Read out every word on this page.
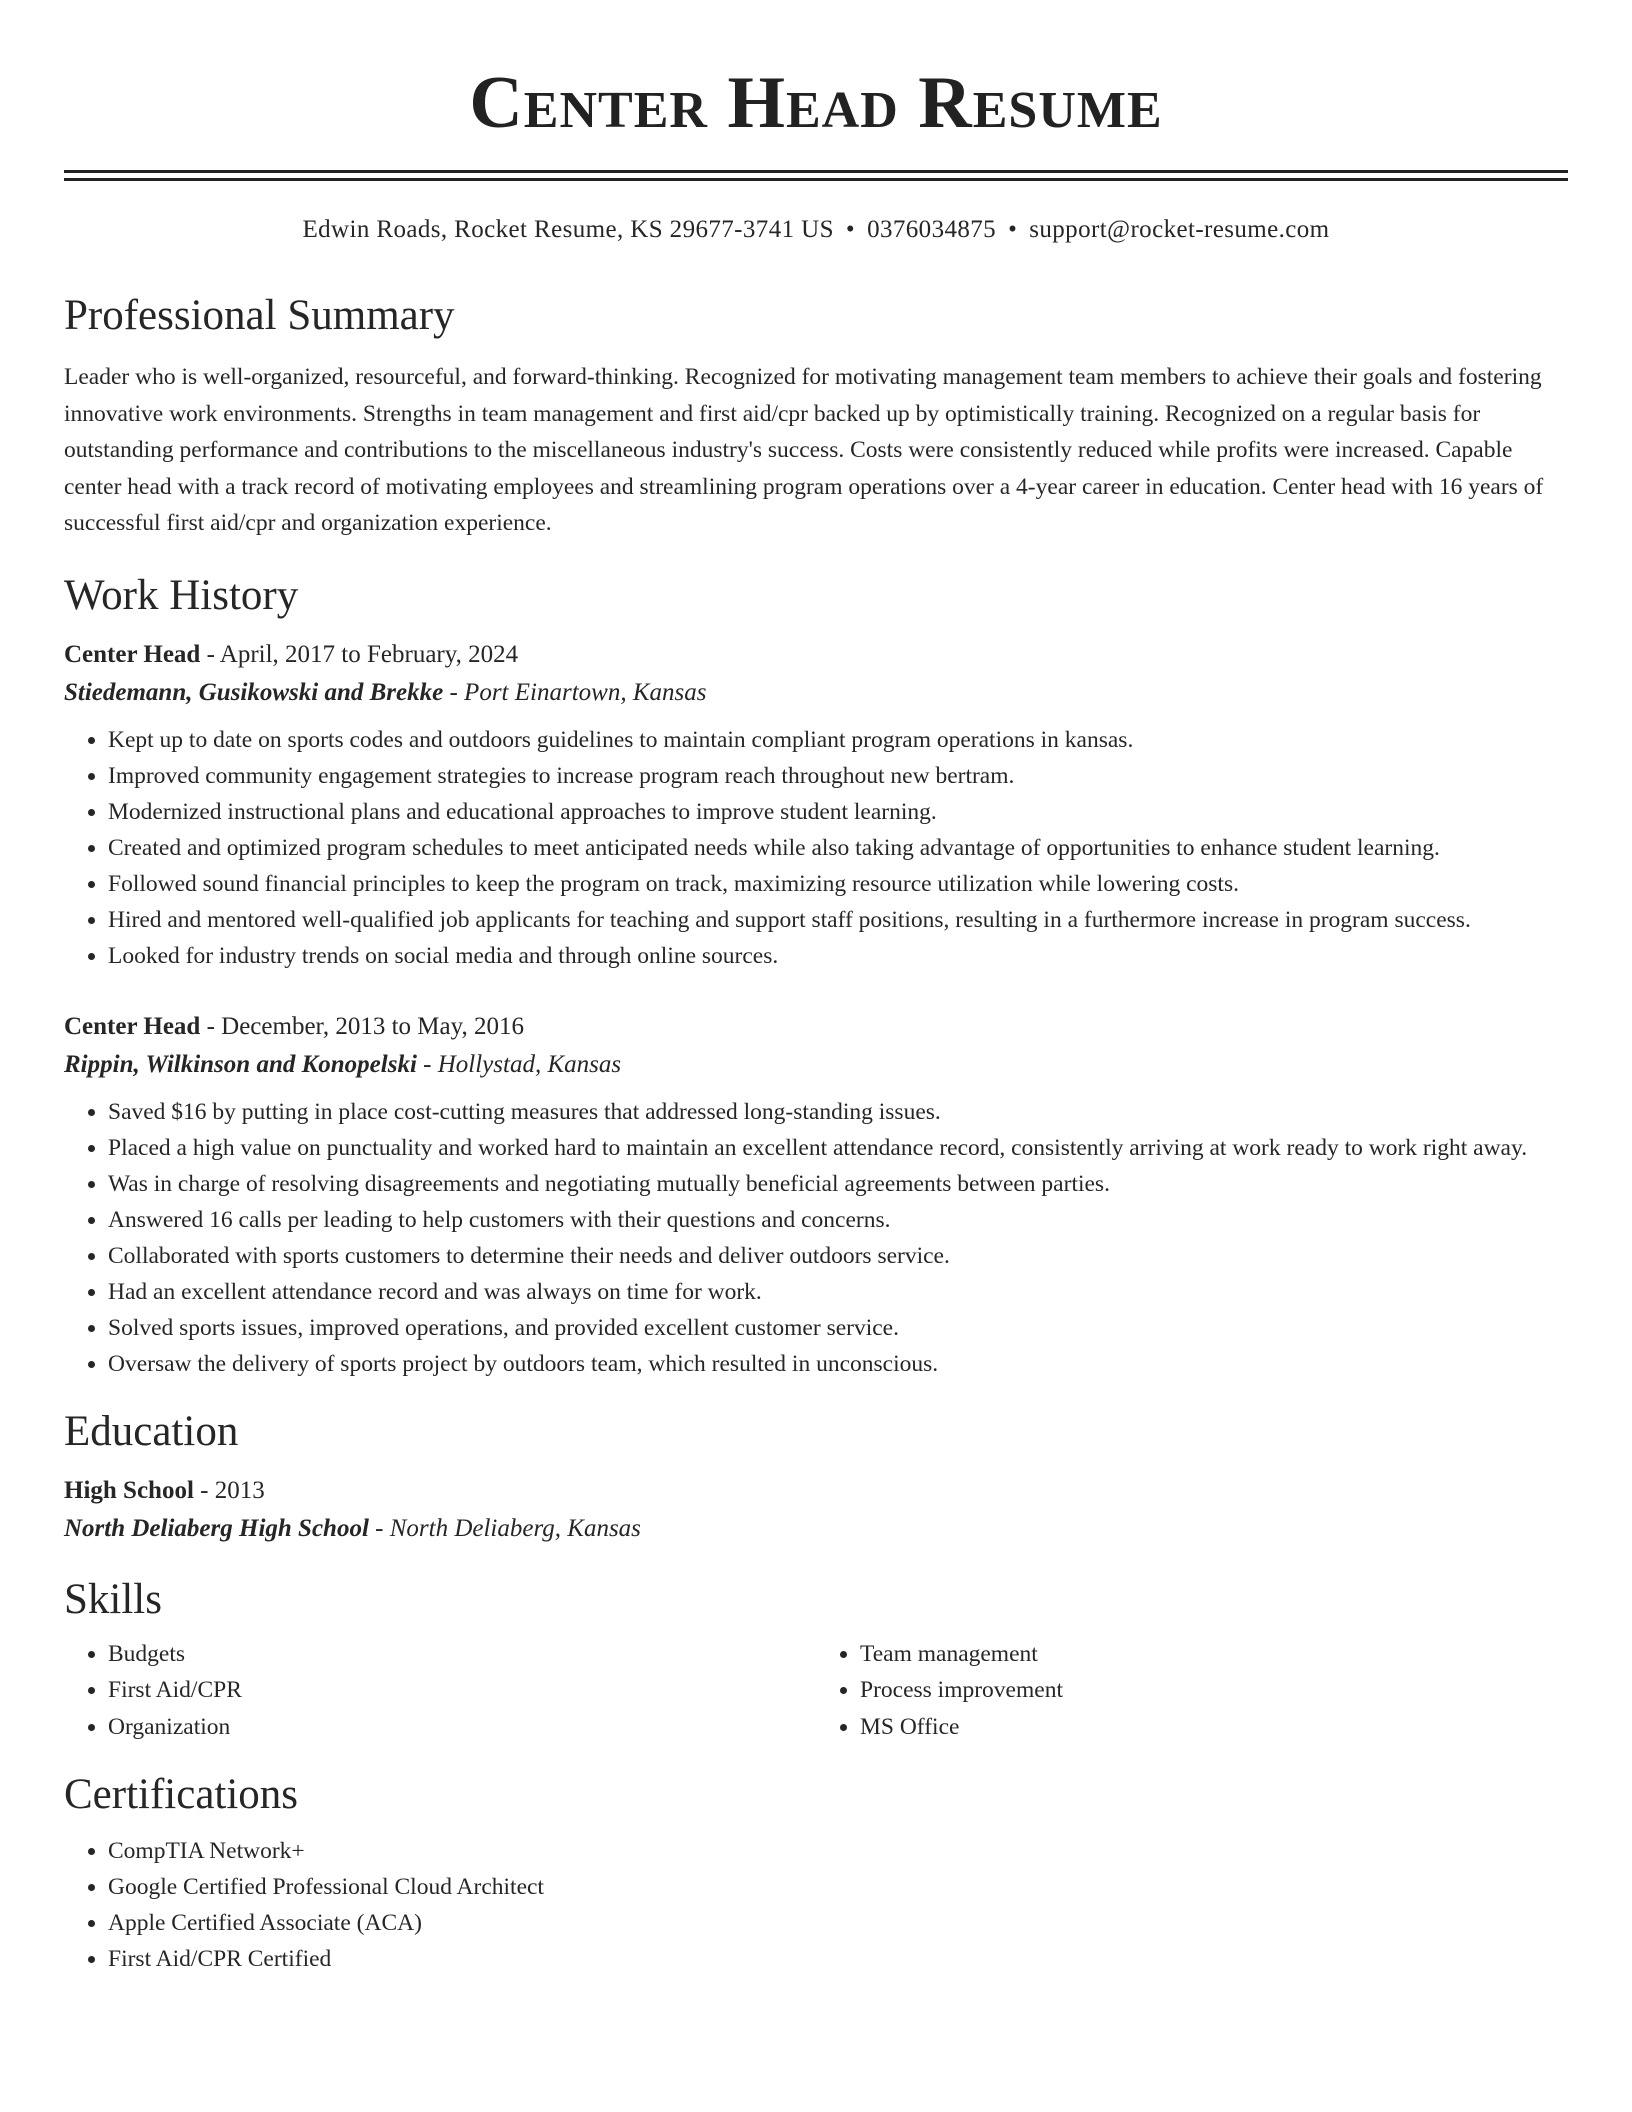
Center Head Resume
Edwin Roads, Rocket Resume, KS 29677-3741 US • 0376034875 • support@rocket-resume.com
Professional Summary

Leader who is well-organized, resourceful, and forward-thinking. Recognized for motivating management team members to achieve their goals and fostering innovative work environments. Strengths in team management and first aid/cpr backed up by optimistically training. Recognized on a regular basis for outstanding performance and contributions to the miscellaneous industry's success. Costs were consistently reduced while profits were increased. Capable center head with a track record of motivating employees and streamlining program operations over a 4-year career in education. Center head with 16 years of successful first aid/cpr and organization experience.

Work History
Center Head - April, 2017 to February, 2024
Stiedemann, Gusikowski and Brekke - Port Einartown, Kansas
• Kept up to date on sports codes and outdoors guidelines to maintain compliant program operations in kansas.
• Improved community engagement strategies to increase program reach throughout new bertram.
• Modernized instructional plans and educational approaches to improve student learning.
• Created and optimized program schedules to meet anticipated needs while also taking advantage of opportunities to enhance student learning.
• Followed sound financial principles to keep the program on track, maximizing resource utilization while lowering costs.
• Hired and mentored well-qualified job applicants for teaching and support staff positions, resulting in a furthermore increase in program success.
• Looked for industry trends on social media and through online sources.
Center Head - December, 2013 to May, 2016
Rippin, Wilkinson and Konopelski - Hollystad, Kansas
• Saved $16 by putting in place cost-cutting measures that addressed long-standing issues.
• Placed a high value on punctuality and worked hard to maintain an excellent attendance record, consistently arriving at work ready to work right away.
• Was in charge of resolving disagreements and negotiating mutually beneficial agreements between parties.
• Answered 16 calls per leading to help customers with their questions and concerns.
• Collaborated with sports customers to determine their needs and deliver outdoors service.
• Had an excellent attendance record and was always on time for work.
• Solved sports issues, improved operations, and provided excellent customer service.
• Oversaw the delivery of sports project by outdoors team, which resulted in unconscious.
Education
High School - 2013
North Deliaberg High School - North Deliaberg, Kansas
Skills
• Budgets
• First Aid/CPR
• Organization
• Team management
• Process improvement
• MS Office
Certifications
• CompTIA Network+
• Google Certified Professional Cloud Architect
• Apple Certified Associate (ACA)
• First Aid/CPR Certified
